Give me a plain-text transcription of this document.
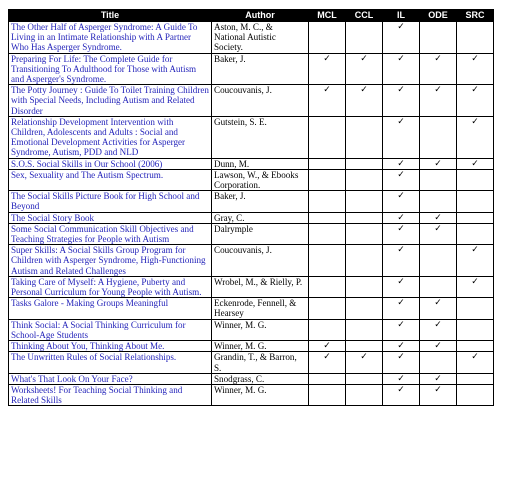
Title	Author	MCL	CCL	IL	ODE	SRC
The Other Half of Asperger Syndrome: A Guide To Living in an Intimate Relationship with A Partner Who Has Asperger Syndrome.	Aston, M. C., & National Autistic Society.			✓		
Preparing For Life: The Complete Guide for Transitioning To Adulthood for Those with Autism and Asperger's Syndrome.	Baker, J.	✓	✓	✓	✓	✓
The Potty Journey : Guide To Toilet Training Children with Special Needs, Including Autism and Related Disorder	Coucouvanis, J.	✓	✓	✓	✓	✓
Relationship Development Intervention with Children, Adolescents and Adults : Social and Emotional Development Activities for Asperger Syndrome, Autism, PDD and NLD	Gutstein, S. E.			✓		✓
S.O.S. Social Skills in Our School (2006)	Dunn, M.			✓	✓	✓
Sex, Sexuality and The Autism Spectrum.	Lawson, W., & Ebooks Corporation.			✓		
The Social Skills Picture Book for High School and Beyond	Baker, J.			✓		
The Social Story Book	Gray, C.			✓	✓	
Some Social Communication Skill Objectives and Teaching Strategies for People with Autism	Dalrymple			✓	✓	
Super Skills: A Social Skills Group Program for Children with Asperger Syndrome, High-Functioning Autism and Related Challenges	Coucouvanis, J.			✓		✓
Taking Care of Myself: A Hygiene, Puberty and Personal Curriculum for Young People with Autism.	Wrobel, M., & Rielly, P.			✓		✓
Tasks Galore - Making Groups Meaningful	Eckenrode, Fennell, & Hearsey			✓	✓	
Think Social: A Social Thinking Curriculum for School-Age Students	Winner, M. G.			✓	✓	
Thinking About You, Thinking About Me.	Winner, M. G.	✓		✓	✓	
The Unwritten Rules of Social Relationships.	Grandin, T., & Barron, S.	✓	✓	✓		✓
What's That Look On Your Face?	Snodgrass, C.			✓	✓	
Worksheets! For Teaching Social Thinking and Related Skills	Winner, M. G.			✓	✓	
